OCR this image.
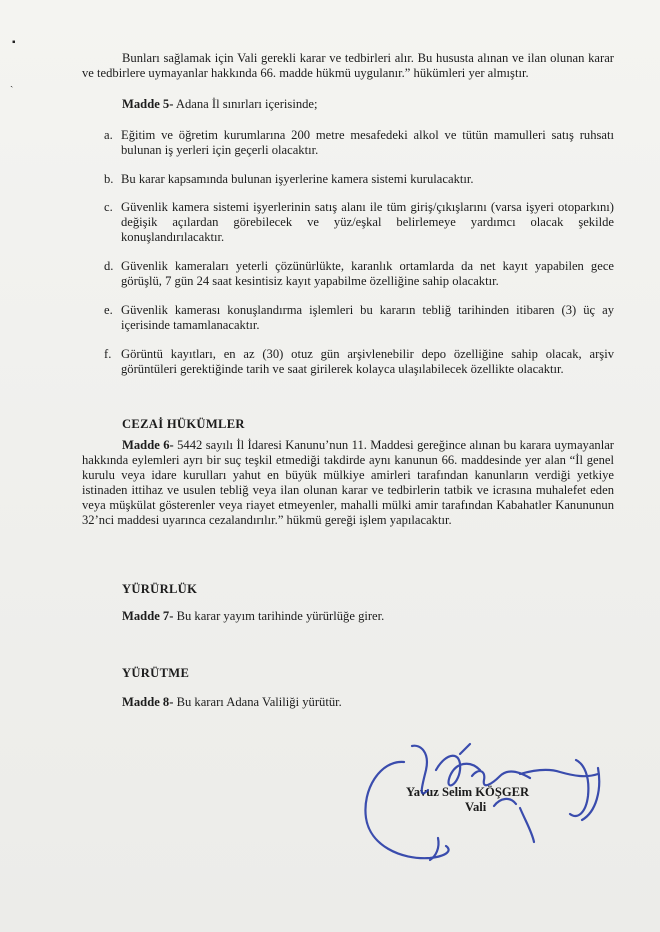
▪
ˎ
Bunları sağlamak için Vali gerekli karar ve tedbirleri alır. Bu hususta alınan ve ilan olunan karar ve tedbirlere uymayanlar hakkında 66. madde hükmü uygulanır.” hükümleri yer almıştır.
Madde 5- Adana İl sınırları içerisinde;
a. Eğitim ve öğretim kurumlarına 200 metre mesafedeki alkol ve tütün mamulleri satış ruhsatı bulunan iş yerleri için geçerli olacaktır.
b. Bu karar kapsamında bulunan işyerlerine kamera sistemi kurulacaktır.
c. Güvenlik kamera sistemi işyerlerinin satış alanı ile tüm giriş/çıkışlarını (varsa işyeri otoparkını) değişik açılardan görebilecek ve yüz/eşkal belirlemeye yardımcı olacak şekilde konuşlandırılacaktır.
d. Güvenlik kameraları yeterli çözünürlükte, karanlık ortamlarda da net kayıt yapabilen gece görüşlü, 7 gün 24 saat kesintisiz kayıt yapabilme özelliğine sahip olacaktır.
e. Güvenlik kamerası konuşlandırma işlemleri bu kararın tebliğ tarihinden itibaren (3) üç ay içerisinde tamamlanacaktır.
f. Görüntü kayıtları, en az (30) otuz gün arşivlenebilir depo özelliğine sahip olacak, arşiv görüntüleri gerektiğinde tarih ve saat girilerek kolayca ulaşılabilecek özellikte olacaktır.
CEZAİ HÜKÜMLER
Madde 6- 5442 sayılı İl İdaresi Kanunu’nun 11. Maddesi gereğince alınan bu karara uymayanlar hakkında eylemleri ayrı bir suç teşkil etmediği takdirde aynı kanunun 66. maddesinde yer alan “İl genel kurulu veya idare kurulları yahut en büyük mülkiye amirleri tarafından kanunların verdiği yetkiye istinaden ittihaz ve usulen tebliğ veya ilan olunan karar ve tedbirlerin tatbik ve icrasına muhalefet eden veya müşkülat gösterenler veya riayet etmeyenler, mahalli mülki amir tarafından Kabahatler Kanununun 32’nci maddesi uyarınca cezalandırılır.” hükmü gereği işlem yapılacaktır.
YÜRÜRLÜK
Madde 7- Bu karar yayım tarihinde yürürlüğe girer.
YÜRÜTME
Madde 8- Bu kararı Adana Valiliği yürütür.
Yavuz Selim KÖŞGER
Vali
